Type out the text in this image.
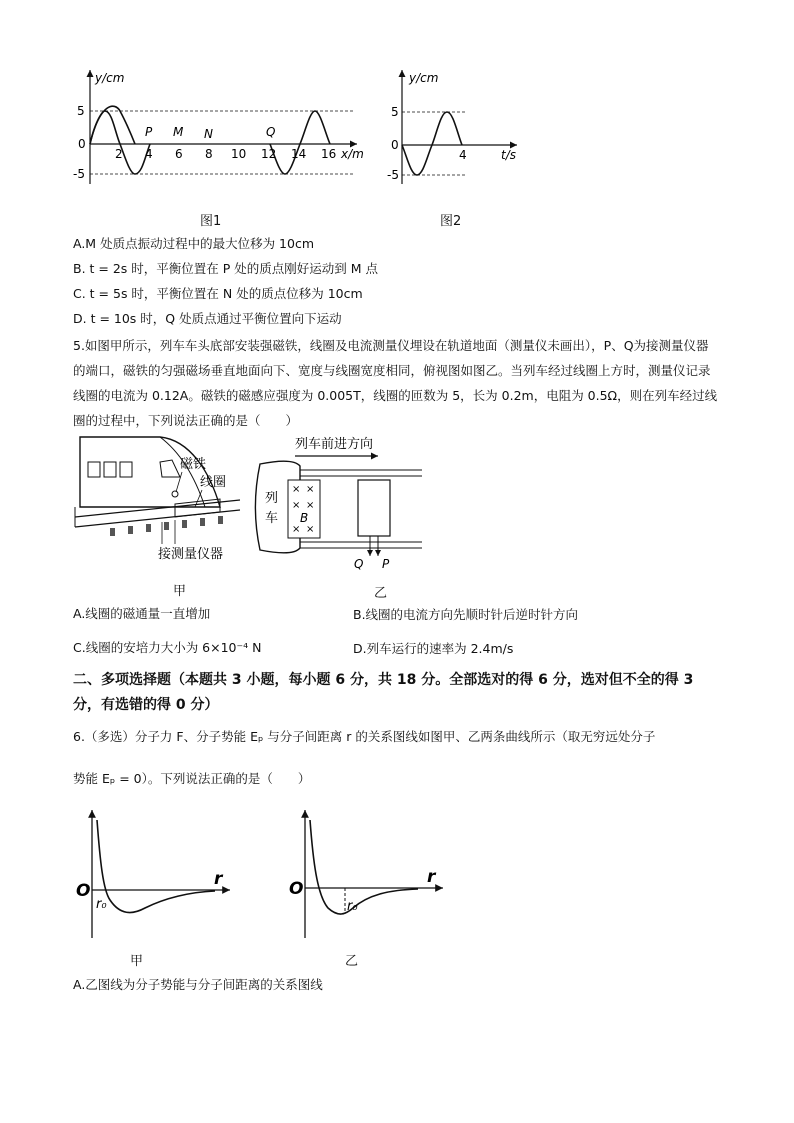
5
0
-5
2 4 6 8 10 12 14 16
P M N	Q
y/cm
x/m
5
0
-5
4
y/cm
t/s
图1	图2
A.M 处质点振动过程中的最大位移为 10cm
B. t = 2s 时，平衡位置在 P 处的质点刚好运动到 M 点
C. t = 5s 时，平衡位置在 N 处的质点位移为 10cm
D. t = 10s 时，Q 处质点通过平衡位置向下运动
5.如图甲所示，列车车头底部安装强磁铁，线圈及电流测量仪埋设在轨道地面（测量仪未画出），P、Q为接测量仪器的端口，磁铁的匀强磁场垂直地面向下、宽度与线圈宽度相同，俯视图如图乙。当列车经过线圈上方时，测量仪记录线圈的电流为 0.12A。磁铁的磁感应强度为 0.005T，线圈的匝数为 5，长为 0.2m，电阻为 0.5Ω，则在列车经过线圈的过程中，下列说法正确的是（　　）
磁铁
线圈
接测量仪器
列车前进方向
列
车
× ×
× ×
× ×
B
Q P
甲	乙
A.线圈的磁通量一直增加	B.线圈的电流方向先顺时针后逆时针方向
C.线圈的安培力大小为 6×10⁻⁴ N	D.列车运行的速率为 2.4m/s
二、多项选择题（本题共 3 小题，每小题 6 分，共 18 分。全部选对的得 6 分，选对但不全的得 3 分，有选错的得 0 分）
6.（多选）分子力 F、分子势能 Eₚ 与分子间距离 r 的关系图线如图甲、乙两条曲线所示（取无穷远处分子
势能 Eₚ = 0）。下列说法正确的是（　　）
O
r
r₀
甲
O
r
r₀
乙
A.乙图线为分子势能与分子间距离的关系图线
